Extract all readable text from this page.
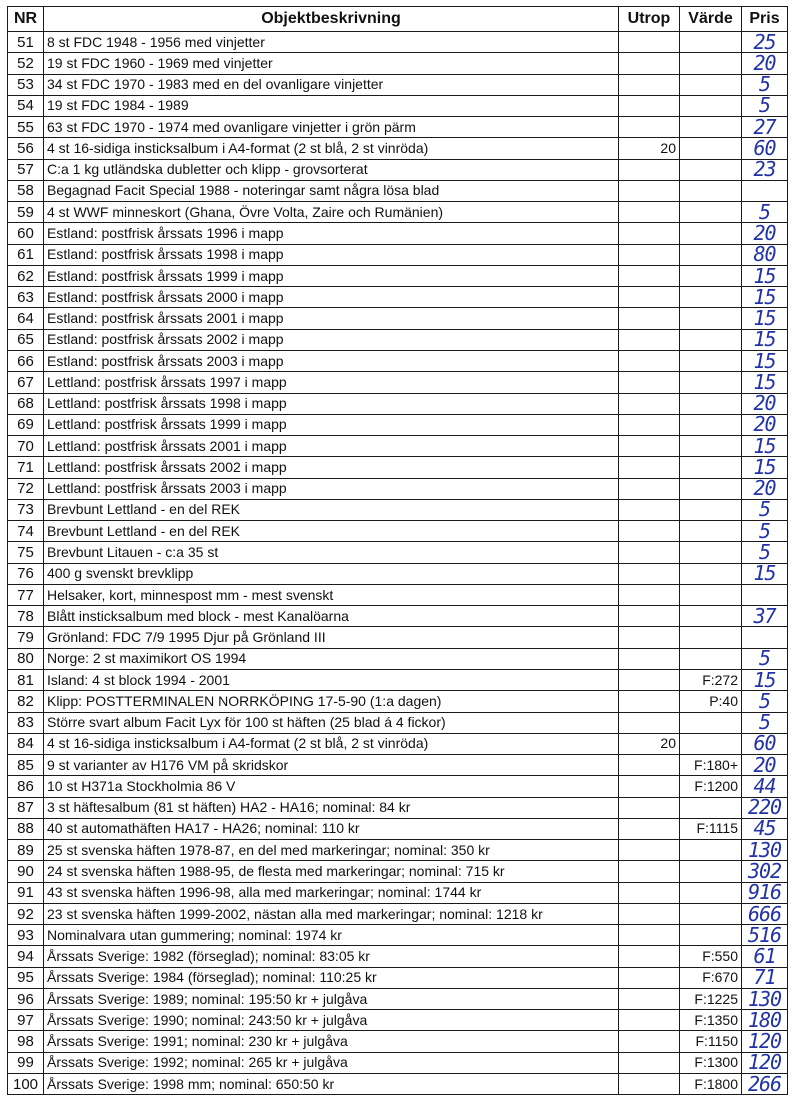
NR	Objektbeskrivning	Utrop	Värde	Pris
51	8 st FDC 1948 - 1956 med vinjetter			25
52	19 st FDC 1960 - 1969 med vinjetter			20
53	34 st FDC 1970 - 1983 med en del ovanligare vinjetter			5
54	19 st FDC 1984 - 1989			5
55	63 st FDC 1970 - 1974 med ovanligare vinjetter i grön pärm			27
56	4 st 16-sidiga insticksalbum i A4-format (2 st blå, 2 st vinröda)	20		60
57	C:a 1 kg utländska dubletter och klipp - grovsorterat			23
58	Begagnad Facit Special 1988 - noteringar samt några lösa blad			
59	4 st WWF minneskort (Ghana, Övre Volta, Zaire och Rumänien)			5
60	Estland: postfrisk årssats 1996 i mapp			20
61	Estland: postfrisk årssats 1998 i mapp			80
62	Estland: postfrisk årssats 1999 i mapp			15
63	Estland: postfrisk årssats 2000 i mapp			15
64	Estland: postfrisk årssats 2001 i mapp			15
65	Estland: postfrisk årssats 2002 i mapp			15
66	Estland: postfrisk årssats 2003 i mapp			15
67	Lettland: postfrisk årssats 1997 i mapp			15
68	Lettland: postfrisk årssats 1998 i mapp			20
69	Lettland: postfrisk årssats 1999 i mapp			20
70	Lettland: postfrisk årssats 2001 i mapp			15
71	Lettland: postfrisk årssats 2002 i mapp			15
72	Lettland: postfrisk årssats 2003 i mapp			20
73	Brevbunt Lettland - en del REK			5
74	Brevbunt Lettland - en del REK			5
75	Brevbunt Litauen - c:a 35 st			5
76	400 g svenskt brevklipp			15
77	Helsaker, kort, minnespost mm - mest svenskt			
78	Blått insticksalbum med block - mest Kanalöarna			37
79	Grönland: FDC 7/9 1995 Djur på Grönland III			
80	Norge: 2 st maximikort OS 1994			5
81	Island: 4 st block 1994 - 2001		F:272	15
82	Klipp: POSTTERMINALEN NORRKÖPING 17-5-90 (1:a dagen)		P:40	5
83	Större svart album Facit Lyx för 100 st häften (25 blad á 4 fickor)			5
84	4 st 16-sidiga insticksalbum i A4-format (2 st blå, 2 st vinröda)	20		60
85	9 st varianter av H176 VM på skridskor		F:180+	20
86	10 st H371a Stockholmia 86 V		F:1200	44
87	3 st häftesalbum (81 st häften) HA2 - HA16; nominal: 84 kr			220
88	40 st automathäften HA17 - HA26; nominal: 110 kr		F:1115	45
89	25 st svenska häften 1978-87, en del med markeringar; nominal: 350 kr			130
90	24 st svenska häften 1988-95, de flesta med markeringar; nominal: 715 kr			302
91	43 st svenska häften 1996-98, alla med markeringar; nominal: 1744 kr			916
92	23 st svenska häften 1999-2002, nästan alla med markeringar; nominal: 1218 kr			666
93	Nominalvara utan gummering; nominal: 1974 kr			516
94	Årssats Sverige: 1982 (förseglad); nominal: 83:05 kr		F:550	61
95	Årssats Sverige: 1984 (förseglad); nominal: 110:25 kr		F:670	71
96	Årssats Sverige: 1989; nominal: 195:50 kr + julgåva		F:1225	130
97	Årssats Sverige: 1990; nominal: 243:50 kr + julgåva		F:1350	180
98	Årssats Sverige: 1991; nominal: 230 kr + julgåva		F:1150	120
99	Årssats Sverige: 1992; nominal: 265 kr + julgåva		F:1300	120
100	Årssats Sverige: 1998 mm; nominal: 650:50 kr		F:1800	266
